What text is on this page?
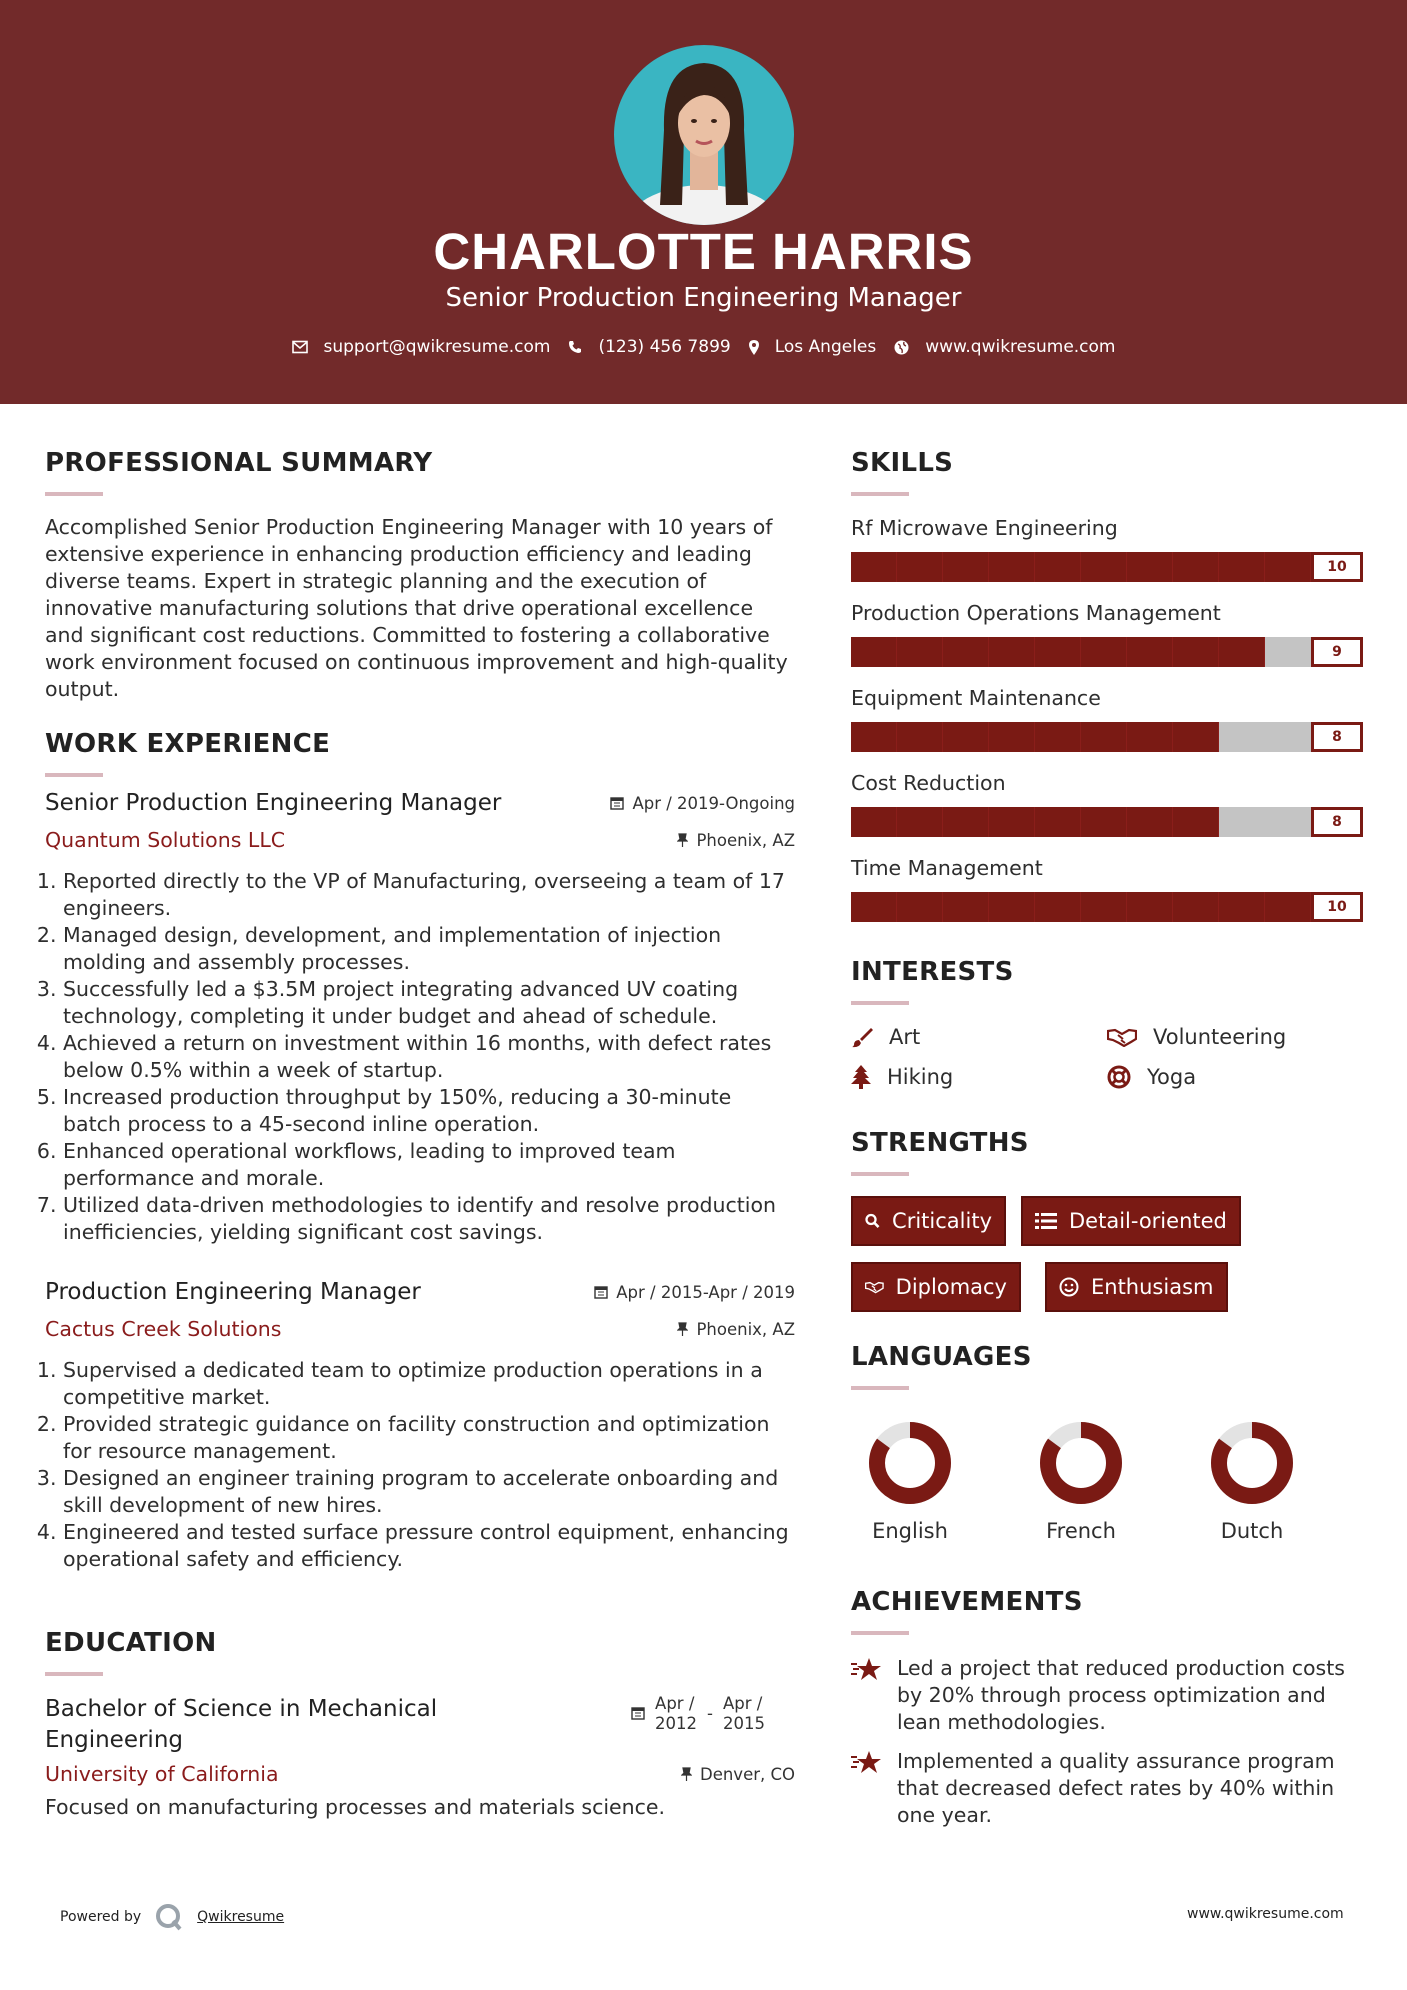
CHARLOTTE HARRIS
Senior Production Engineering Manager
support@qwikresume.com	(123) 456 7899	Los Angeles	www.qwikresume.com
PROFESSIONAL SUMMARY

Accomplished Senior Production Engineering Manager with 10 years of extensive experience in enhancing production efficiency and leading diverse teams. Expert in strategic planning and the execution of innovative manufacturing solutions that drive operational excellence and significant cost reductions. Committed to fostering a collaborative work environment focused on continuous improvement and high-quality output.

WORK EXPERIENCE
Senior Production Engineering Manager	Apr / 2019-Ongoing
Quantum Solutions LLC	Phoenix, AZ
1. Reported directly to the VP of Manufacturing, overseeing a team of 17 engineers.
2. Managed design, development, and implementation of injection molding and assembly processes.
3. Successfully led a $3.5M project integrating advanced UV coating technology, completing it under budget and ahead of schedule.
4. Achieved a return on investment within 16 months, with defect rates below 0.5% within a week of startup.
5. Increased production throughput by 150%, reducing a 30-minute batch process to a 45-second inline operation.
6. Enhanced operational workflows, leading to improved team performance and morale.
7. Utilized data-driven methodologies to identify and resolve production inefficiencies, yielding significant cost savings.
Production Engineering Manager	Apr / 2015-Apr / 2019
Cactus Creek Solutions	Phoenix, AZ
1. Supervised a dedicated team to optimize production operations in a competitive market.
2. Provided strategic guidance on facility construction and optimization for resource management.
3. Designed an engineer training program to accelerate onboarding and skill development of new hires.
4. Engineered and tested surface pressure control equipment, enhancing operational safety and efficiency.
EDUCATION
Bachelor of Science in Mechanical Engineering
Apr /
2012
-
Apr /
2015
University of California	Denver, CO

Focused on manufacturing processes and materials science.

SKILLS
Rf Microwave Engineering
10
Production Operations Management
9
Equipment Maintenance
8
Cost Reduction
8
Time Management
10
INTERESTS
Art	Volunteering
Hiking	Yoga
STRENGTHS
Criticality	Detail-oriented
Diplomacy	Enthusiasm
LANGUAGES
English	French	Dutch
ACHIEVEMENTS
Led a project that reduced production costs by 20% through process optimization and lean methodologies.
Implemented a quality assurance program that decreased defect rates by 40% within one year.
Powered by	Qwikresume	www.qwikresume.com
